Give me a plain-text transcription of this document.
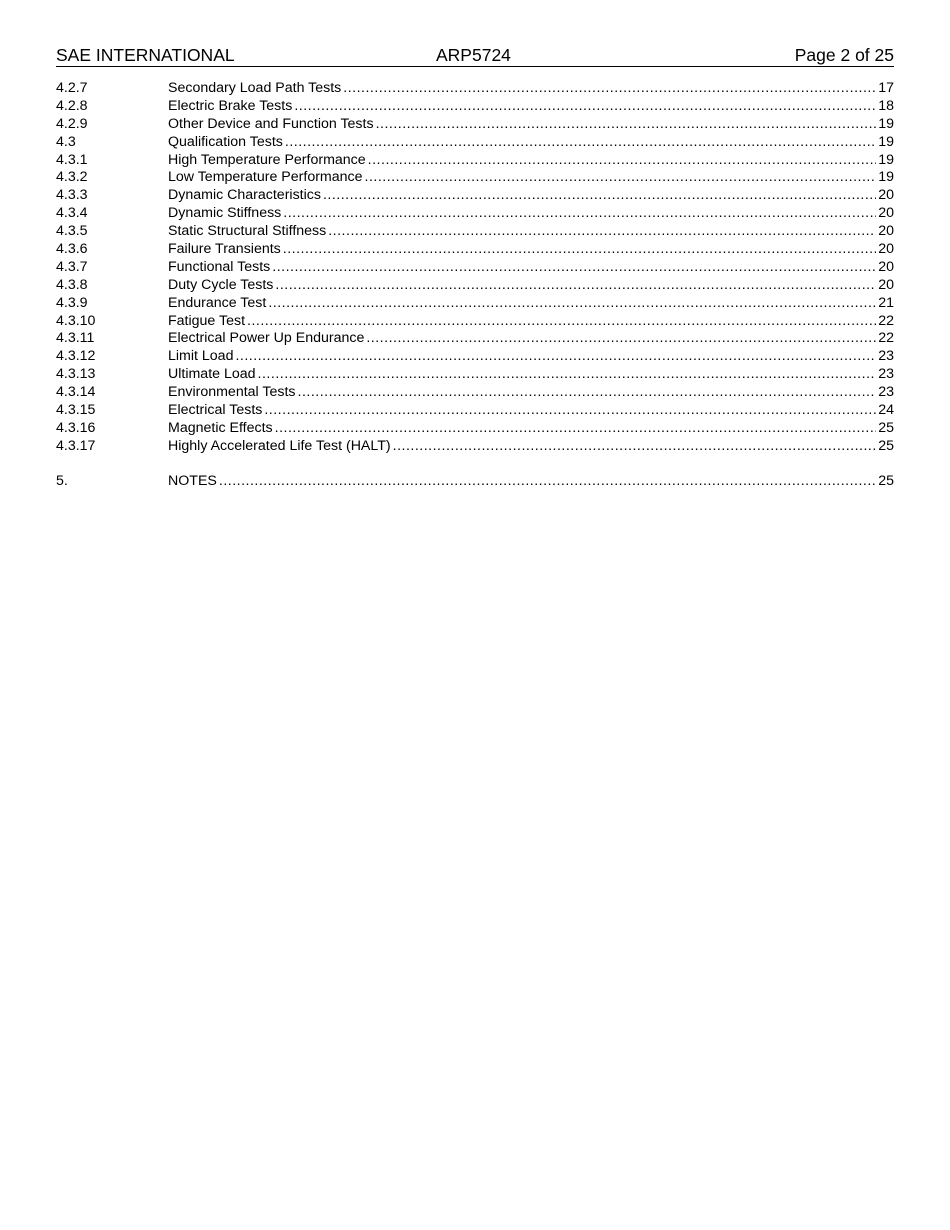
SAE INTERNATIONAL	ARP5724	Page 2 of 25
4.2.7	Secondary Load Path Tests .....	17
4.2.8	Electric Brake Tests .....	18
4.2.9	Other Device and Function Tests .....	19
4.3	Qualification Tests .....	19
4.3.1	High Temperature Performance .....	19
4.3.2	Low Temperature Performance .....	19
4.3.3	Dynamic Characteristics .....	20
4.3.4	Dynamic Stiffness .....	20
4.3.5	Static Structural Stiffness .....	20
4.3.6	Failure Transients .....	20
4.3.7	Functional Tests .....	20
4.3.8	Duty Cycle Tests .....	20
4.3.9	Endurance Test .....	21
4.3.10	Fatigue Test .....	22
4.3.11	Electrical Power Up Endurance .....	22
4.3.12	Limit Load .....	23
4.3.13	Ultimate Load .....	23
4.3.14	Environmental Tests .....	23
4.3.15	Electrical Tests .....	24
4.3.16	Magnetic Effects .....	25
4.3.17	Highly Accelerated Life Test (HALT) .....	25
5.	NOTES .....	25
